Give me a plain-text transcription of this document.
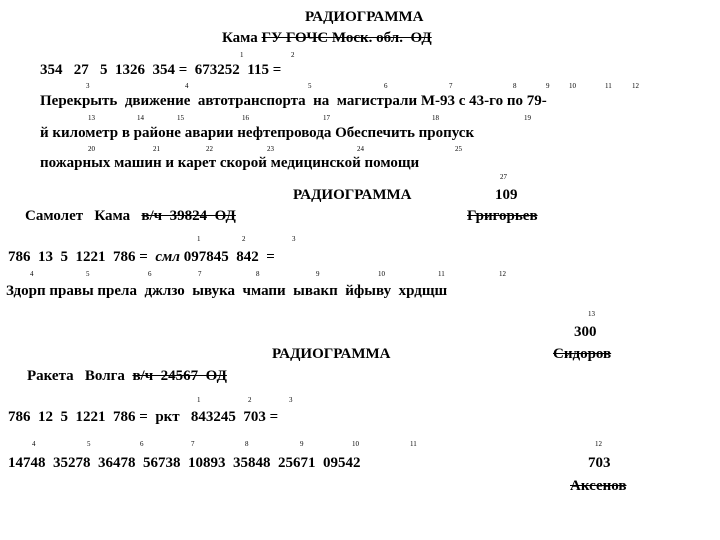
РАДИОГРАММА
Кама ГУ ГОЧС Моск. обл.  ОД
1	2
354   27   5  1326  354 =  673252  115 =
3	4	5	6	7	8	9	10	11	12
Перекрыть  движение  автотранспорта  на  магистрали М-93 с 43-го по 79-
13	14	15	16	17	18	19
й километр в районе аварии нефтепровода Обеспечить пропуск
20	21	22	23	24	25
пожарных машин и карет скорой медицинской помощи
27
РАДИОГРАММА	109
Самолет   Кама   в/ч  39824  ОД	Григорьев
1	2	3
786  13  5  1221  786 =  смл 097845  842  =
4	5	6	7	8	9	10	11	12
Здорп правы прела  джлзо  ывука  чмапи  ывакп  йфыву  хрдщш
13
300
РАДИОГРАММА	Сидоров
Ракета   Волга  в/ч  24567  ОД
1	2	3
786  12  5  1221  786 =  ркт   843245  703 =
4	5	6	7	8	9	10	11	12
14748  35278  36478  56738  10893  35848  25671  09542	703
Аксенов
